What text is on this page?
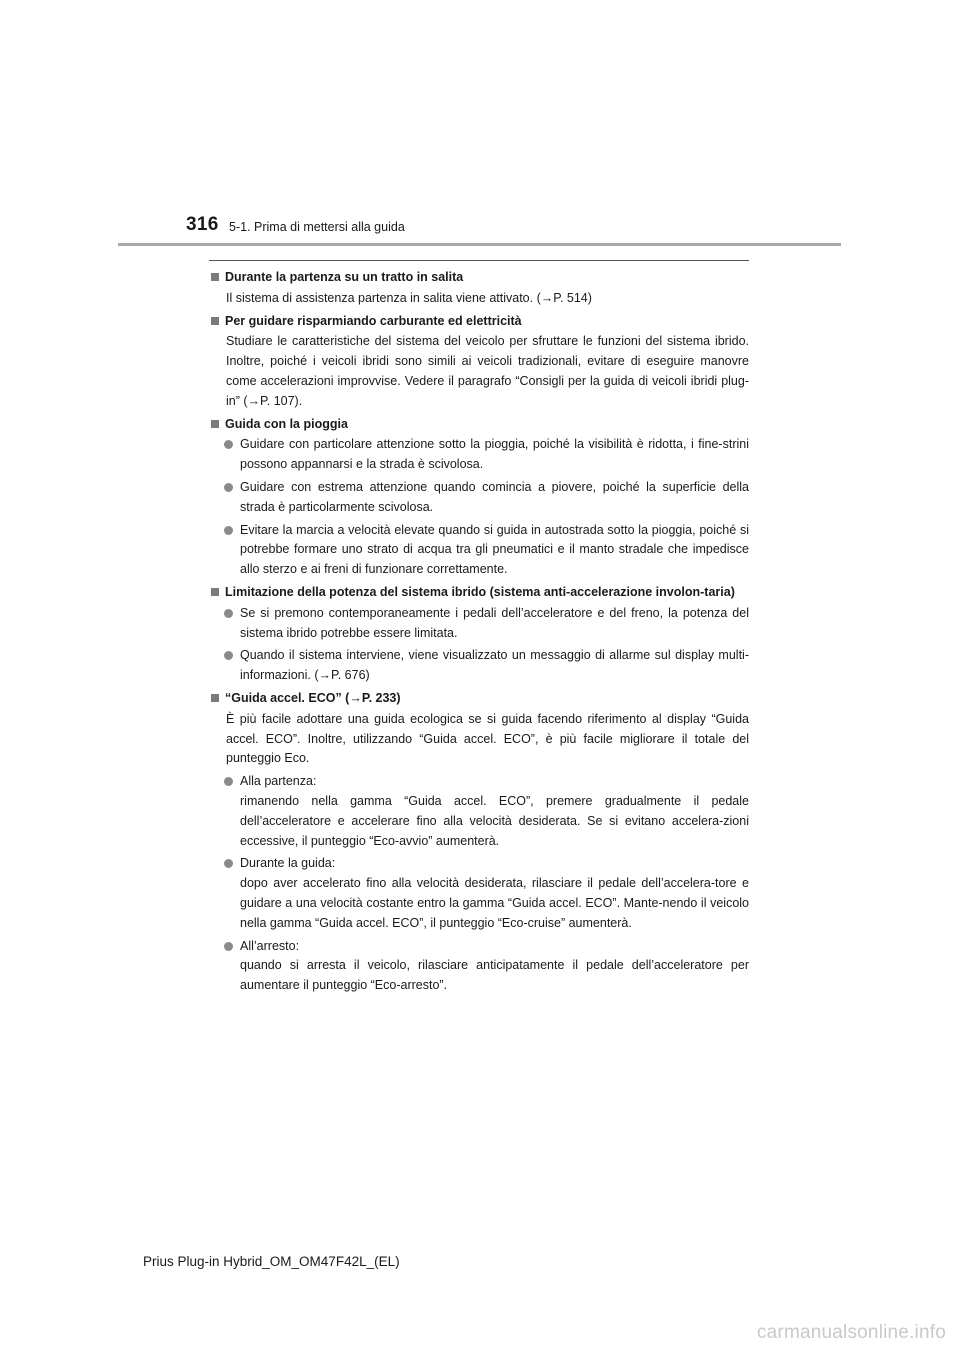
316 5-1. Prima di mettersi alla guida
Durante la partenza su un tratto in salita
Il sistema di assistenza partenza in salita viene attivato. (→P. 514)
Per guidare risparmiando carburante ed elettricità
Studiare le caratteristiche del sistema del veicolo per sfruttare le funzioni del sistema ibrido. Inoltre, poiché i veicoli ibridi sono simili ai veicoli tradizionali, evitare di eseguire manovre come accelerazioni improvvise. Vedere il paragrafo “Consigli per la guida di veicoli ibridi plug-in” (→P. 107).
Guida con la pioggia
Guidare con particolare attenzione sotto la pioggia, poiché la visibilità è ridotta, i fine-strini possono appannarsi e la strada è scivolosa.
Guidare con estrema attenzione quando comincia a piovere, poiché la superficie della strada è particolarmente scivolosa.
Evitare la marcia a velocità elevate quando si guida in autostrada sotto la pioggia, poiché si potrebbe formare uno strato di acqua tra gli pneumatici e il manto stradale che impedisce allo sterzo e ai freni di funzionare correttamente.
Limitazione della potenza del sistema ibrido (sistema anti-accelerazione involon-taria)
Se si premono contemporaneamente i pedali dell’acceleratore e del freno, la potenza del sistema ibrido potrebbe essere limitata.
Quando il sistema interviene, viene visualizzato un messaggio di allarme sul display multi-informazioni. (→P. 676)
“Guida accel. ECO” (→P. 233)
È più facile adottare una guida ecologica se si guida facendo riferimento al display “Guida accel. ECO”. Inoltre, utilizzando “Guida accel. ECO”, è più facile migliorare il totale del punteggio Eco.
Alla partenza:
rimanendo nella gamma “Guida accel. ECO”, premere gradualmente il pedale dell’acceleratore e accelerare fino alla velocità desiderata. Se si evitano accelera-zioni eccessive, il punteggio “Eco-avvio” aumenterà.
Durante la guida:
dopo aver accelerato fino alla velocità desiderata, rilasciare il pedale dell’accelera-tore e guidare a una velocità costante entro la gamma “Guida accel. ECO”. Mante-nendo il veicolo nella gamma “Guida accel. ECO”, il punteggio “Eco-cruise” aumenterà.
All’arresto:
quando si arresta il veicolo, rilasciare anticipatamente il pedale dell’acceleratore per aumentare il punteggio “Eco-arresto”.
Prius Plug-in Hybrid_OM_OM47F42L_(EL)
carmanualsonline.info
